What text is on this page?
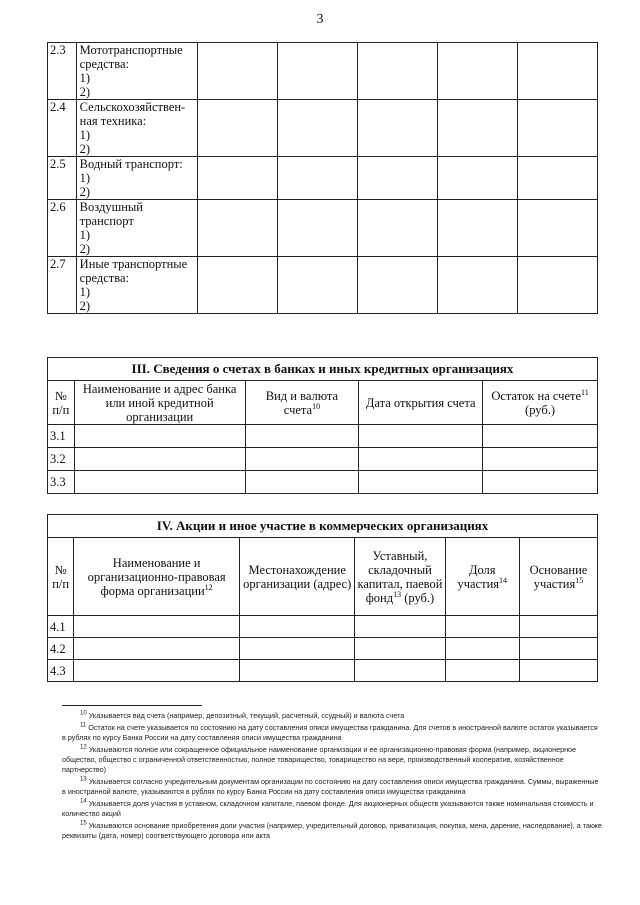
3
2.3	Мототранспортные
средства:
1)
2)					

2.4	Сельскохозяйствен-
ная техника:
1)
2)					

2.5	Водный транспорт:
1)
2)					

2.6	Воздушный
транспорт
1)
2)					

2.7	Иные транспортные
средства:
1)
2)					

III. Сведения о счетах в банках и иных кредитных организациях				
№ п/п	Наименование и адрес банка или иной кредитной организации	Вид и валюта счета$^{10}$	Дата открытия счета	Остаток на счете$^{11}$
(руб.)
3.1				
3.2				
3.3				
IV. Акции и иное участие в коммерческих организациях					
№ п/п	Наименование и организационно-правовая форма организации$^{12}$	Местонахождение организации (адрес)	Уставный, складочный капитал, паевой фонд$^{13}$ (руб.)	Доля участия$^{14}$	Основание участия$^{15}$
4.1					
4.2					
4.3					
$^{10}$ Указывается вид счета (например, депозитный, текущий, расчетный, ссудный) и валюта счета
$^{11}$ Остаток на счете указывается по состоянию на дату составления описи имущества гражданина. Для счетов в иностранной валюте остаток указывается в рублях по курсу Банка России на дату составления описи имущества гражданина
$^{12}$ Указываются полное или сокращенное официальное наименование организации и ее организационно-правовая форма (например, акционерное общество, общество с ограниченной ответственностью, полное товарищество, товарищество на вере, производственный кооператив, хозяйственное партнерство)
$^{13}$ Указывается согласно учредительным документам организации по состоянию на дату составления описи имущества гражданина. Суммы, выраженные в иностранной валюте, указываются в рублях по курсу Банка России на дату составления описи имущества гражданина
$^{14}$ Указывается доля участия в уставном, складочном капитале, паевом фонде. Для акционерных обществ указываются также номинальная стоимость и количество акций
$^{15}$ Указываются основание приобретения доли участия (например, учредительный договор, приватизация, покупка, мена, дарение, наследование), а также реквизиты (дата, номер) соответствующего договора или акта
